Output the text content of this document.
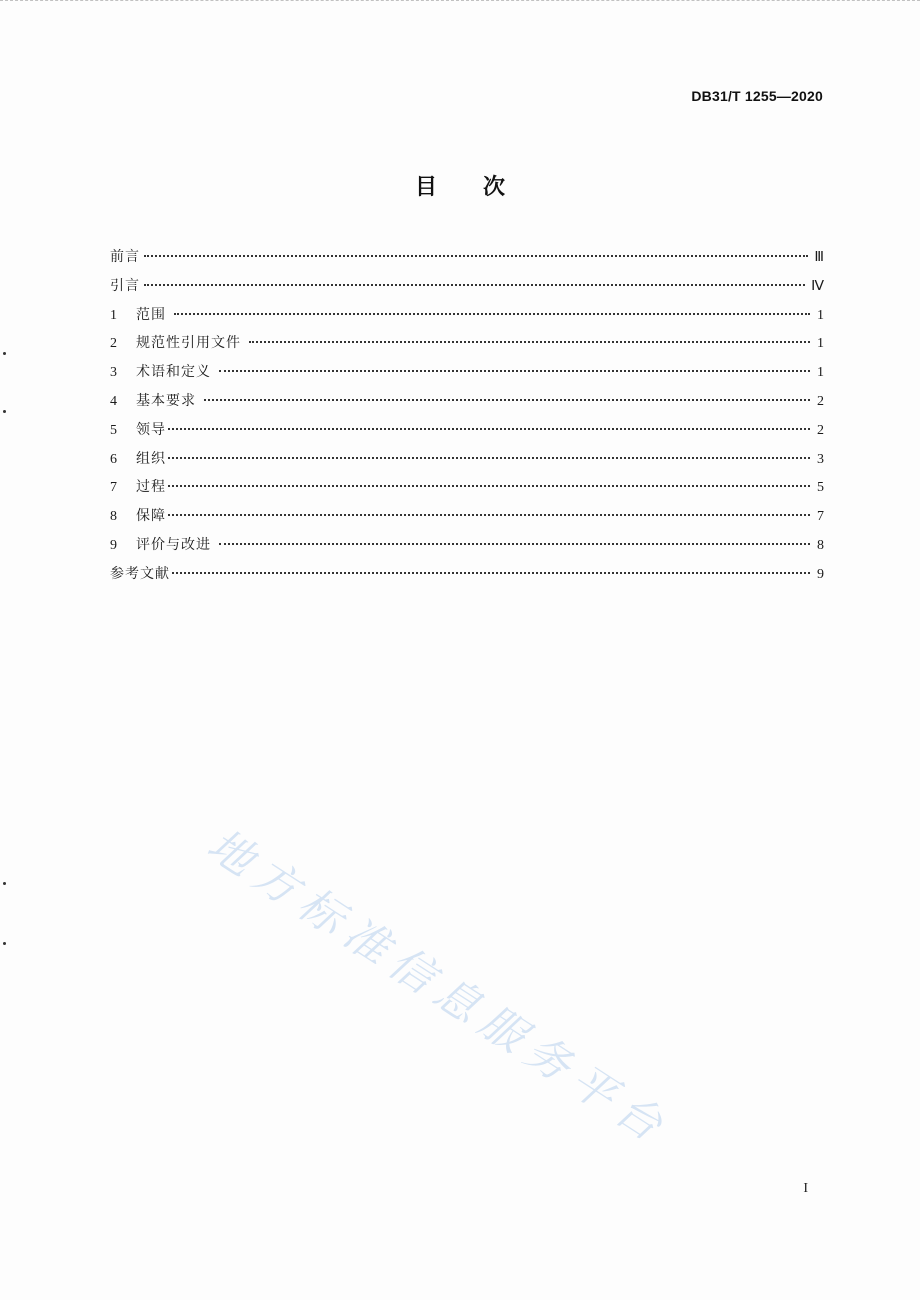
DB31/T 1255—2020
目次
前言	Ⅲ
引言	Ⅳ
1	范围	1
2	规范性引用文件	1
3	术语和定义	1
4	基本要求	2
5	领导	2
6	组织	3
7	过程	5
8	保障	7
9	评价与改进	8
参考文献	9
地方标准信息服务平台
I
